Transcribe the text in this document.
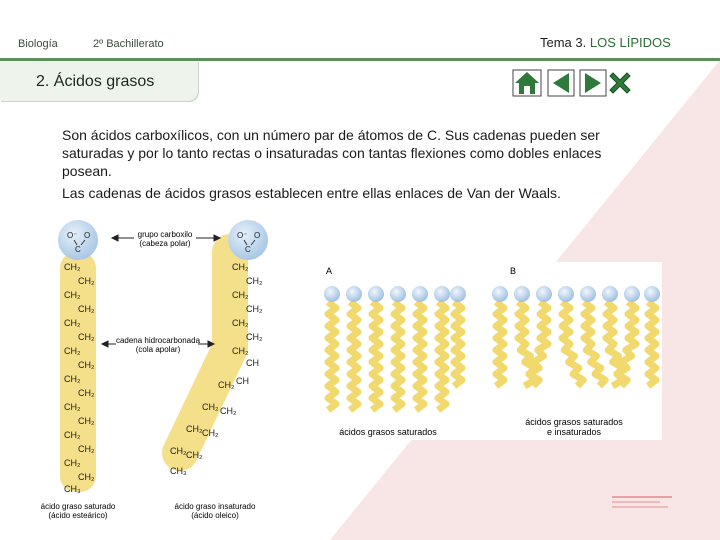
Biología	2º Bachillerato	Tema 3. LOS LÍPIDOS
2. Ácidos grasos

Son ácidos carboxílicos, con un número par de átomos de C. Sus cadenas pueden ser saturadas y por lo tanto rectas o insaturadas con tantas flexiones como dobles enlaces posean.

Las cadenas de ácidos grasos establecen entre ellas enlaces de Van der Waals.

O⁻ O
C
O⁻ O
C
CH₂
CH₂
CH₂
CH₂
CH₂
CH₂
CH₂
CH₂
CH₂
CH₂
CH₂
CH₂
CH₂
CH₂
CH₂
CH₂
CH₃
CH₂
CH₂
CH₂
CH₂
CH₂
CH₂
CH₂
CH
CH₂ CH
CH₂ CH₂
CH₂ CH₂
CH₂ CH₂
CH₃
grupo carboxilo
(cabeza polar)
cadena hidrocarbonada
(cola apolar)
ácido graso saturado
(ácido esteárico)
ácido graso insaturado
(ácido oleico)
A	B
ácidos grasos saturados
ácidos grasos saturados
e insaturados
